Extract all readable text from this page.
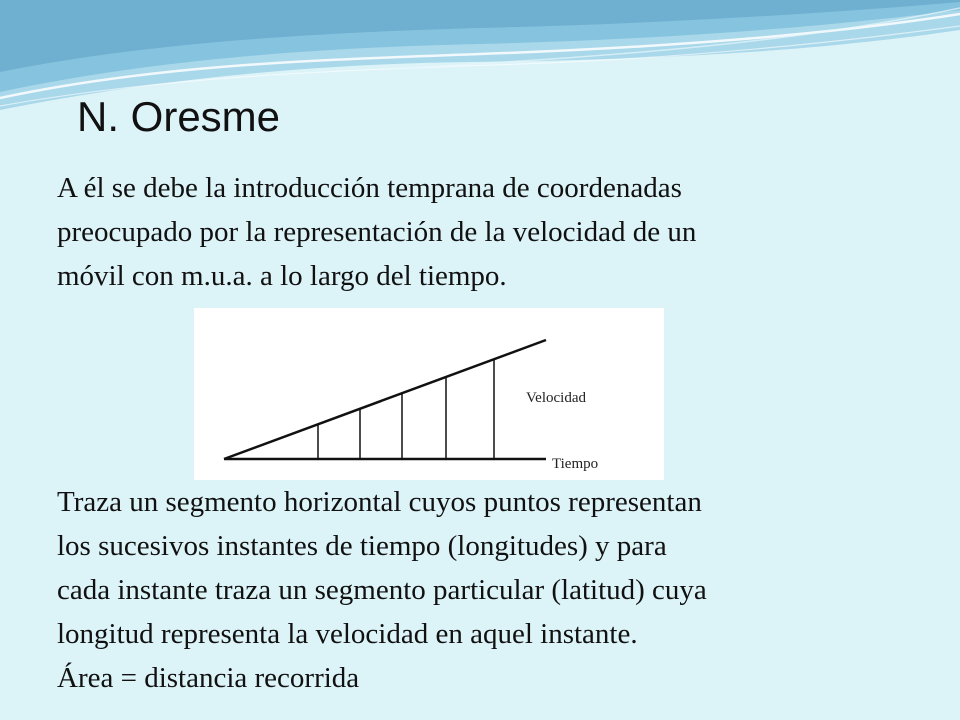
N. Oresme
A él se debe la introducción temprana de coordenadas
preocupado por la representación de la velocidad de un
móvil con m.u.a. a lo largo del tiempo.
Velocidad
Tiempo
Traza un segmento horizontal cuyos puntos representan
los sucesivos instantes de tiempo (longitudes) y para
cada instante traza un segmento particular (latitud) cuya
longitud representa la velocidad en aquel instante.
Área = distancia recorrida
